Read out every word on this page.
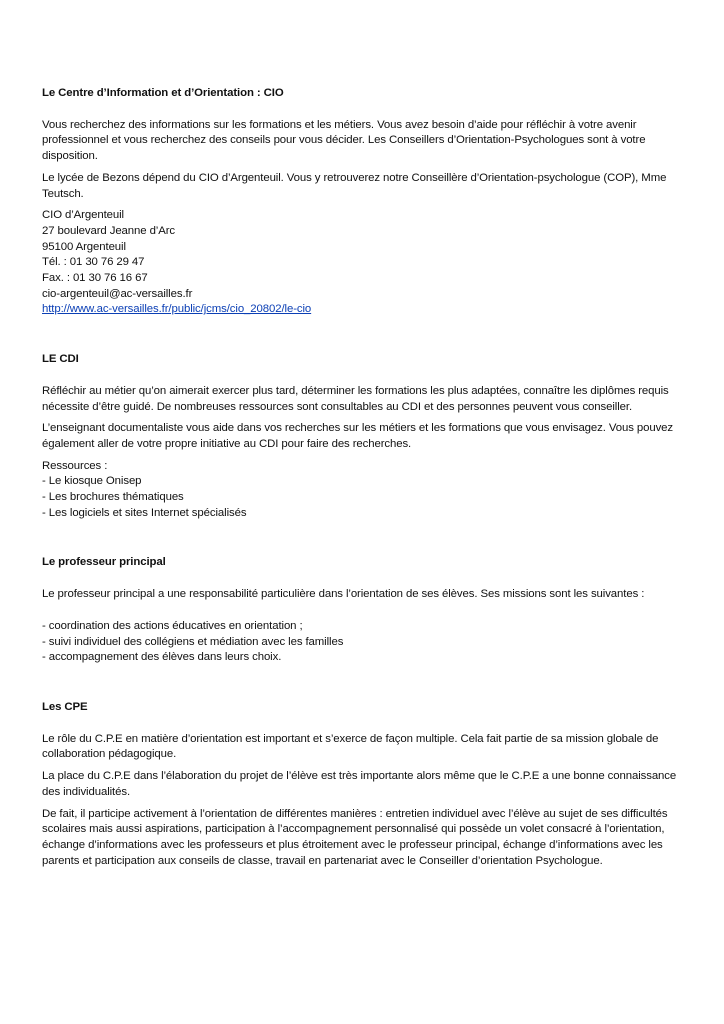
Le Centre d’Information et d’Orientation : CIO

Vous recherchez des informations sur les formations et les métiers. Vous avez besoin d’aide pour réfléchir à votre avenir professionnel et vous recherchez des conseils pour vous décider. Les Conseillers d’Orientation-Psychologues sont à votre disposition.

Le lycée de Bezons dépend du CIO d’Argenteuil. Vous y retrouverez notre Conseillère d’Orientation-psychologue (COP), Mme Teutsch.

CIO d’Argenteuil
27 boulevard Jeanne d’Arc
95100 Argenteuil
Tél. : 01 30 76 29 47
Fax. : 01 30 76 16 67
cio-argenteuil@ac-versailles.fr
http://www.ac-versailles.fr/public/jcms/cio_20802/le-cio

LE CDI

Réfléchir au métier qu’on aimerait exercer plus tard, déterminer les formations les plus adaptées, connaître les diplômes requis nécessite d’être guidé. De nombreuses ressources sont consultables au CDI et des personnes peuvent vous conseiller.

L’enseignant documentaliste vous aide dans vos recherches sur les métiers et les formations que vous envisagez. Vous pouvez également aller de votre propre initiative au CDI pour faire des recherches.

Ressources :
- Le kiosque Onisep
- Les brochures thématiques
- Les logiciels et sites Internet spécialisés

Le professeur principal

Le professeur principal a une responsabilité particulière dans l’orientation de ses élèves. Ses missions sont les suivantes :

- coordination des actions éducatives en orientation ;
- suivi individuel des collégiens et médiation avec les familles
- accompagnement des élèves dans leurs choix.

Les CPE

Le rôle du C.P.E en matière d’orientation est important et s’exerce de façon multiple. Cela fait partie de sa mission globale de collaboration pédagogique.

La place du C.P.E dans l’élaboration du projet de l’élève est très importante alors même que le C.P.E a une bonne connaissance des individualités.

De fait, il participe activement à l’orientation de différentes manières : entretien individuel avec l’élève au sujet de ses difficultés scolaires mais aussi aspirations, participation à l’accompagnement personnalisé qui possède un volet consacré à l’orientation, échange d’informations avec les professeurs et plus étroitement avec le professeur principal, échange d’informations avec les parents et participation aux conseils de classe, travail en partenariat avec le Conseiller d’orientation Psychologue.
